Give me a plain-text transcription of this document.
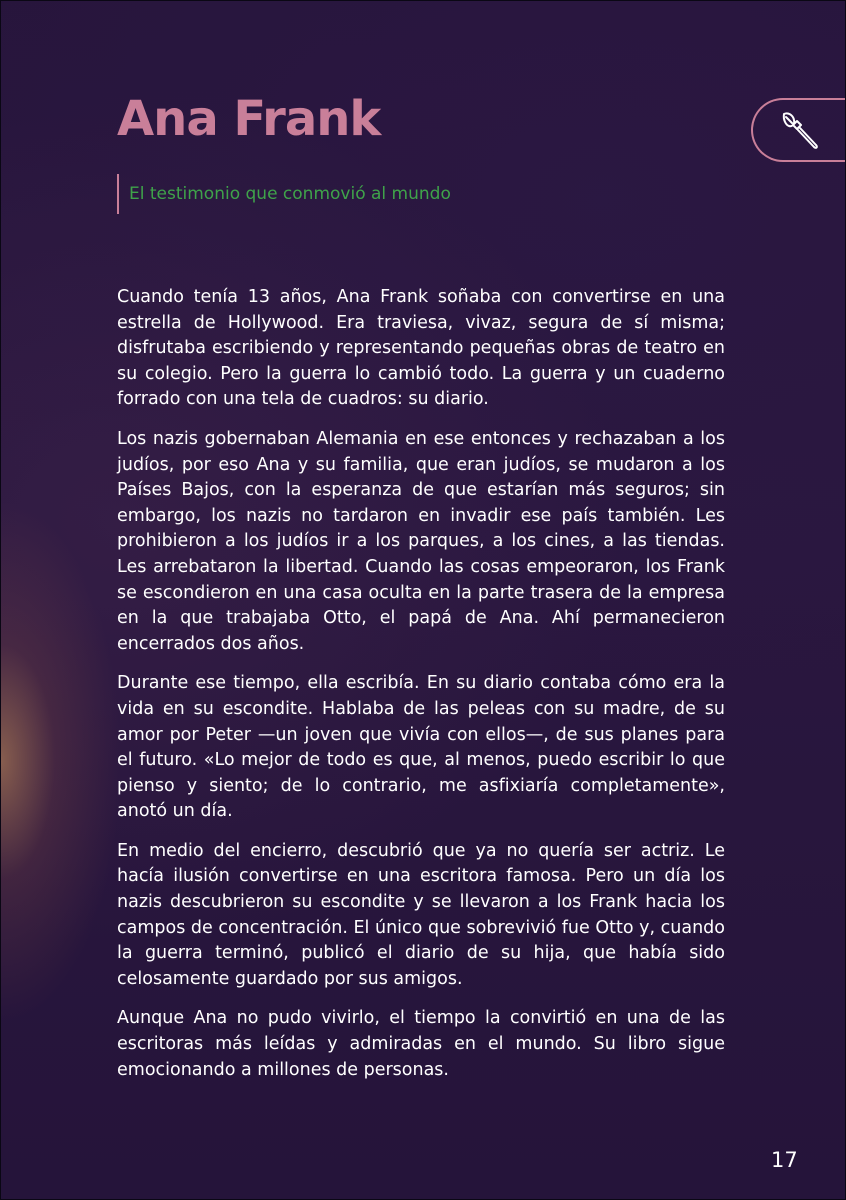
Ana Frank
El testimonio que conmovió al mundo

Cuando tenía 13 años, Ana Frank soñaba con convertirse en una estrella de Hollywood. Era traviesa, vivaz, segura de sí misma; disfrutaba escribiendo y representando pequeñas obras de teatro en su colegio. Pero la guerra lo cambió todo. La guerra y un cuaderno forrado con una tela de cuadros: su diario.

Los nazis gobernaban Alemania en ese entonces y rechazaban a los judíos, por eso Ana y su familia, que eran judíos, se mudaron a los Países Bajos, con la esperanza de que estarían más seguros; sin embargo, los nazis no tardaron en invadir ese país también. Les prohibieron a los judíos ir a los parques, a los cines, a las tiendas. Les arrebataron la libertad. Cuando las cosas empeoraron, los Frank se escondieron en una casa oculta en la parte trasera de la empresa en la que trabajaba Otto, el papá de Ana. Ahí permanecieron encerrados dos años.

Durante ese tiempo, ella escribía. En su diario contaba cómo era la vida en su escondite. Hablaba de las peleas con su madre, de su amor por Peter —un joven que vivía con ellos—, de sus planes para el futuro. «Lo mejor de todo es que, al menos, puedo escribir lo que pienso y siento; de lo contrario, me asfixiaría completamente», anotó un día.

En medio del encierro, descubrió que ya no quería ser actriz. Le hacía ilusión convertirse en una escritora famosa. Pero un día los nazis descubrieron su escondite y se llevaron a los Frank hacia los campos de concentración. El único que sobrevivió fue Otto y, cuando la guerra terminó, publicó el diario de su hija, que había sido celosamente guardado por sus amigos.

Aunque Ana no pudo vivirlo, el tiempo la convirtió en una de las escritoras más leídas y admiradas en el mundo. Su libro sigue emocionando a millones de personas.

17
